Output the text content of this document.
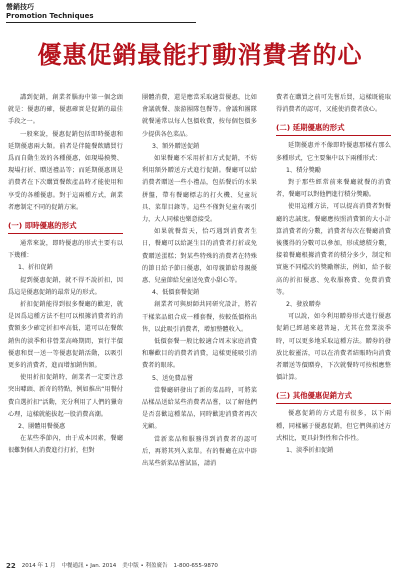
營銷技巧
Promotion Techniques
優惠促銷最能打動消費者的心

講到促銷，創業者腦海中第一個念頭就是：優惠的確，優惠確實是促銷的最佳手段之一。

一般來說，優惠促銷包括即時優惠和延期優惠兩大類。前者是伴隨餐飲購買行爲而自動生效的各種優惠，如現場摸獎、現場打折、贈送禮品等；而延期優惠則是消費者在下次購買餐飲產品時才能使用和享受的各種優惠。對于這兩種方式，創業者應制定不同的促銷方案。

(一) 即時優惠的形式

通常來說，即時優惠的形式主要有以下幾種：

1、折扣促銷

提到優惠促銷，就不得不說折扣，因爲這是優惠促銷的最常見的形式。

折扣促銷能得到很多餐廳的歡迎，就是因爲這種方法不但可以根據消費者的消費額多少確定折扣率高低，還可以在餐飲銷售的淡季和非營業高峰期間，實行半價優惠和買一送一等優惠促銷活動，以吸引更多的消費者，進而增加銷售額。

使用折扣促銷時，創業者一定要注意突出噱頭、新奇的特點，例如推出“用餐付費自選折扣”活動，充分利用了人們的獵奇心理，這樣就能拔起一股消費高潮。

2、團體用餐優惠

在某些季節內，由于成本因素，餐廳很難對個人消費進行打折，但對

團體消費，還是應當采取適當優惠，比如會議就餐、旅游團隊包餐等。會議和團隊就餐通常以每人包價收費，按每個包價多少提供各色菜品。

3、額外贈送促銷

如果餐廳不采用折扣方式促銷，不妨利用額外贈送方式進行促銷。餐廳可以給消費者贈送一些小禮品，包括餐后的水果拼盤，帶有餐廳標志的打火機、兒童玩具、菜單目錄等。這些不僅對兒童有吸引力，大人同樣也樂意接受。

如果就餐當天，恰巧遇到消費者生日，餐廳可以給誕生目的消費者打折或免費贈送蛋糕；對某些特殊的消費者在特殊的節日給予節日優惠，如母親節給母親優惠、兒童節給兒童送免費小甜心等。

4、低價套餐促銷

創業者可與厨師共同研究設計，將若干樣菜品組合成一種套餐，按較低價格出售，以此吸引消費者，增加整體收入。

低價套餐一般比較適合周末家庭消費和聯歡目的消費者消費，這樣更能吸引消費者的眼球。

5、送免費品嘗

當餐廳研發出了新的菜品時，可將菜品樣品送給某些消費者品嘗，以了解他們是否喜歡這種菜品，同時歡迎消費者再次光顧。

當新菜品和服務得到消費者的認可后，再將其列入菜單。有的餐廳在店中辟出某些新菜品嘗試區，請消

費者在購買之前可先嘗后買，這樣既能取得消費者的認可，又能使消費者放心。

(二) 延期優惠的形式

延期優惠并不像即時優惠那樣有那么多種形式，它主要集中以下兩種形式：

1、積分獎勵

對于那些經常前來餐廳就餐的消費者，餐廳可以對他們進行積分獎勵。

使用這種方法，可以提高消費者對餐廳的忠誠度。餐廳應按照消費額的大小計算消費者的分數，消費者每次在餐廳消費後獲得的分數可以參加，形成總積分數，接着餐廳根據消費者的積分多少，制定和實施不同檔次的獎勵辦法，例如，給予較高的折扣優惠、免收服務費、免費消費等。

2、發放贈券

可以說，如今利用贈券形式進行優惠促銷已經越來越普遍，尤其在營業淡季時，可以更多地采取這種方法。贈券的發放比較靈活，可以在消費者結賬時向消費者贈送等價贈券，下次就餐時可按相應整價計算。

(三) 其他優惠促銷方式

優惠促銷的方式還有很多，以下兩種，同樣屬于優惠促銷，但它們與前述方式相比，更具針對性和合作性。

1、淡季折扣促銷

22 2014 年 1 月 中餐通訊 • Jan. 2014 美中版 • 利盈廣告 1-800-655-9870
